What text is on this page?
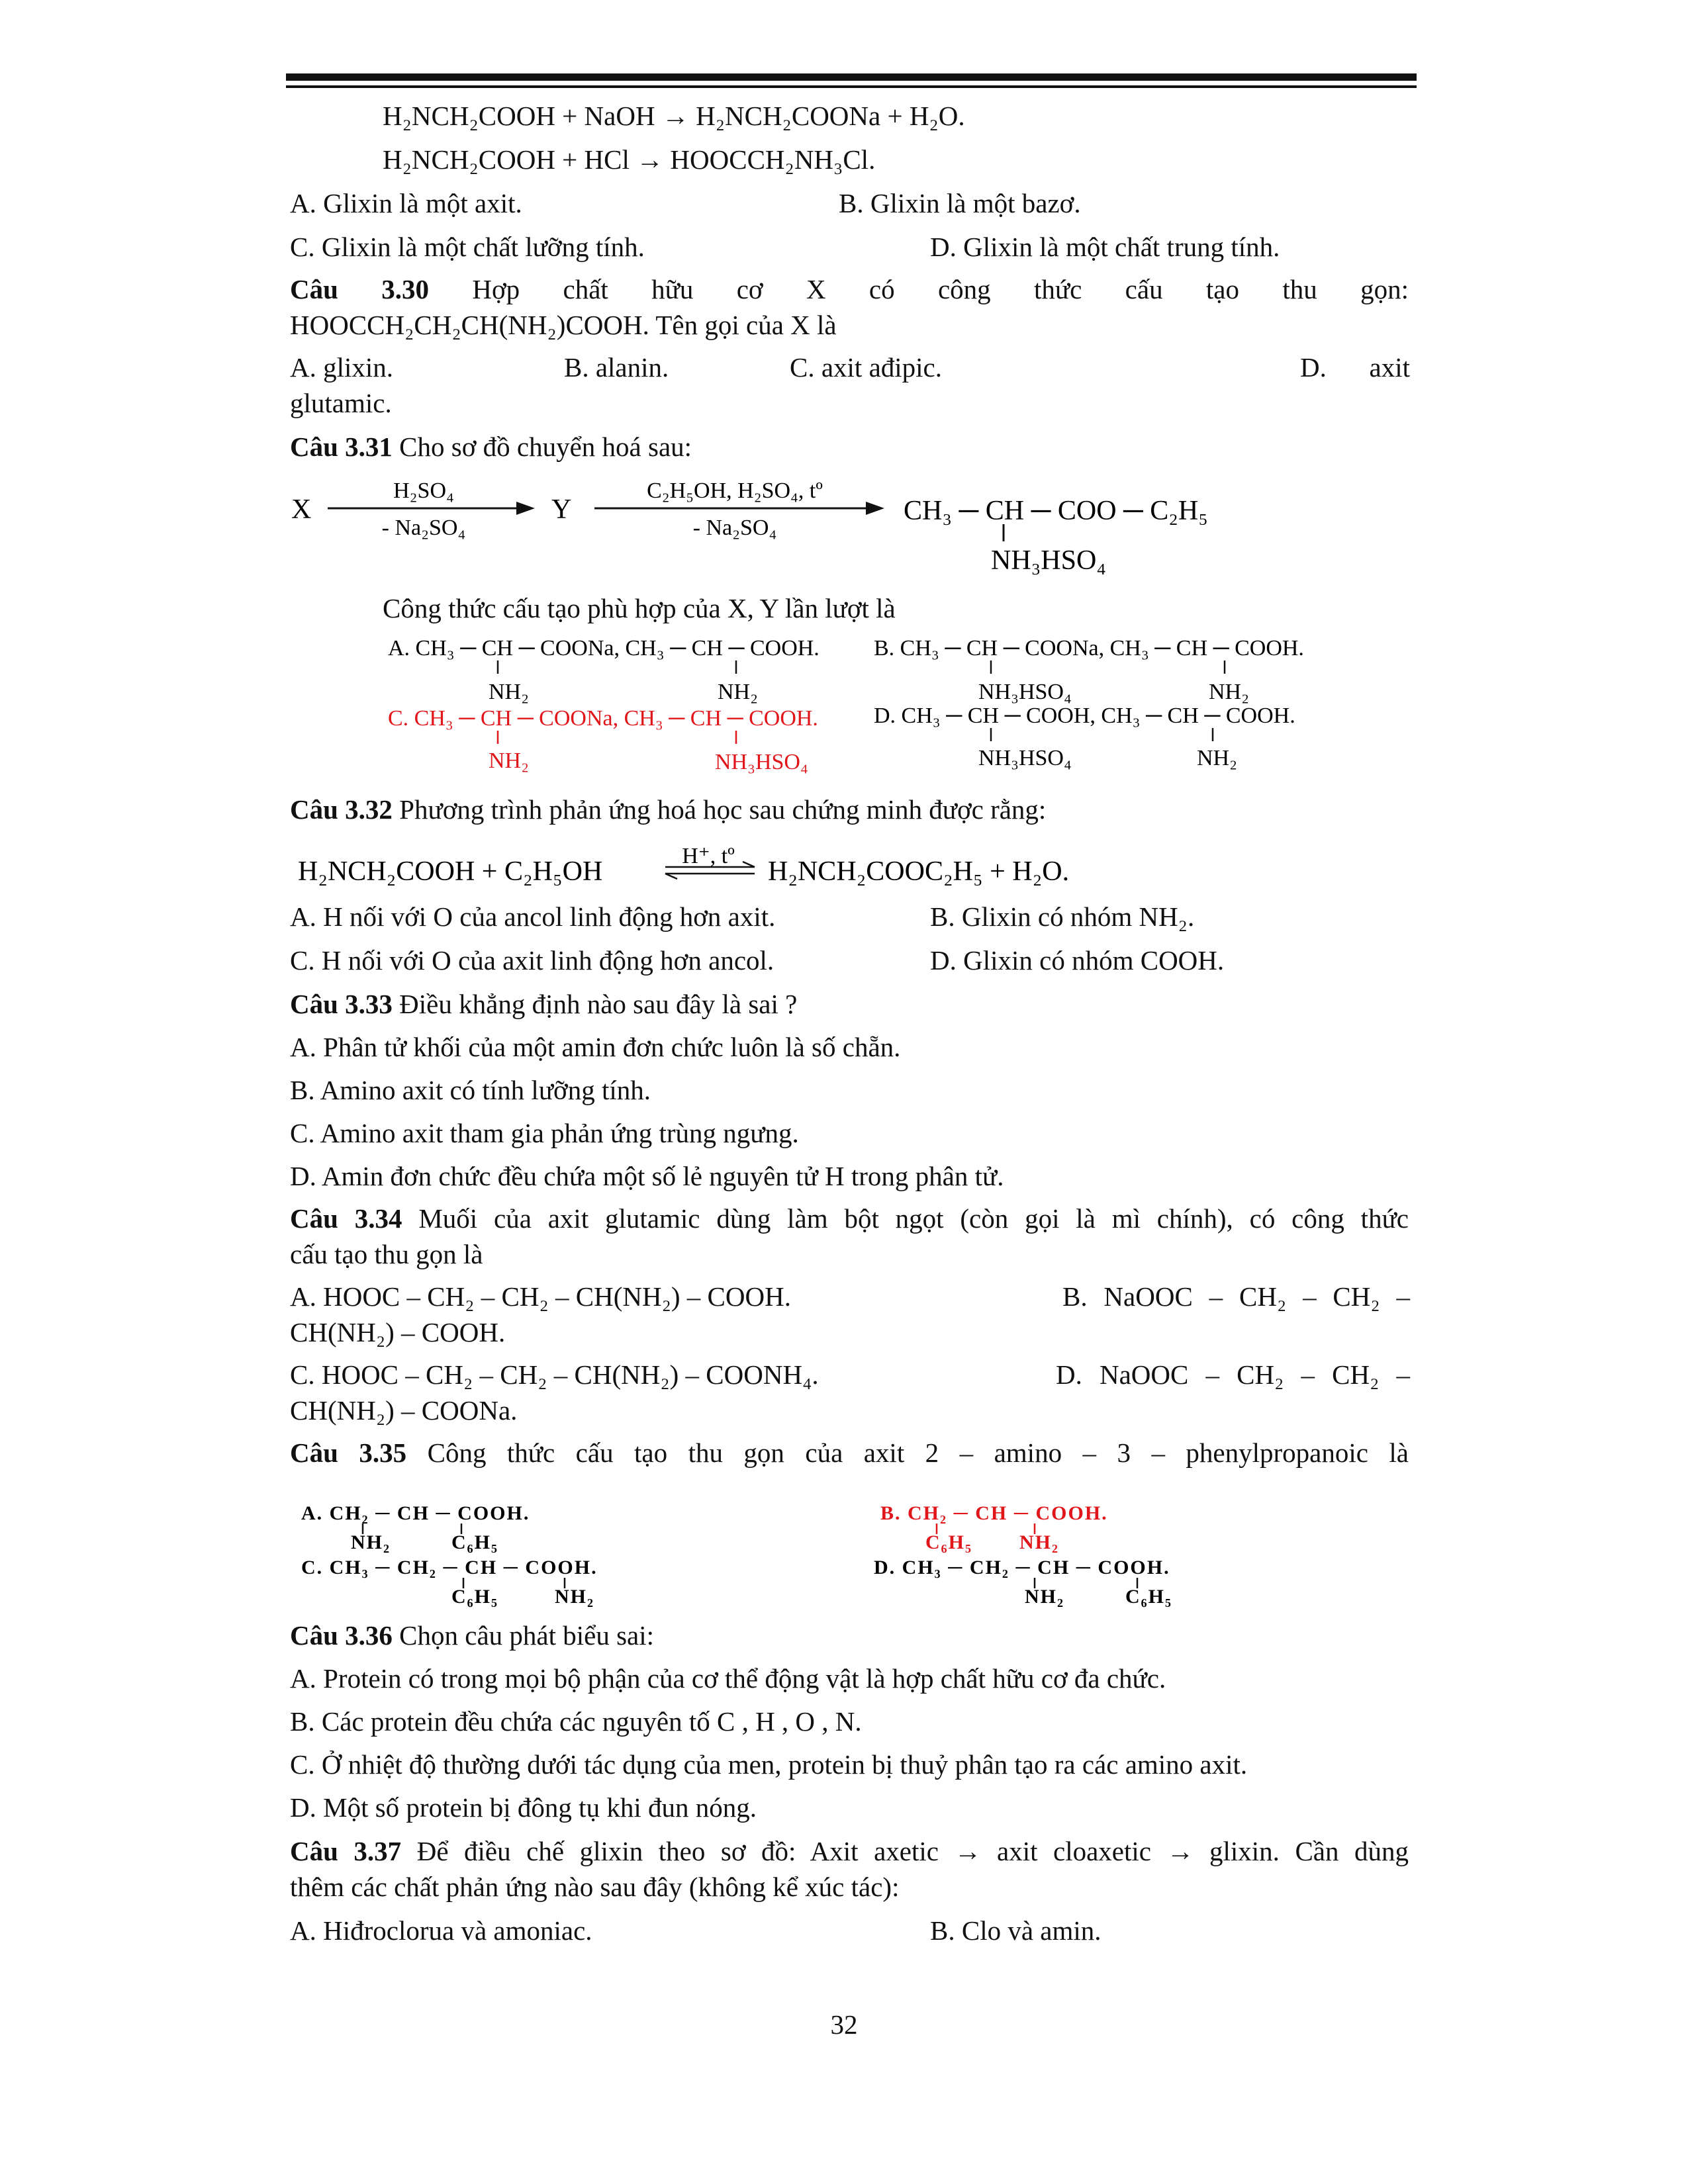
H₂NCH₂COOH + NaOH → H₂NCH₂COONa + H₂O.
H₂NCH₂COOH + HCl → HOOCCH₂NH₃Cl.
A. Glixin là một axit.	B. Glixin là một bazơ.
C. Glixin là một chất lưỡng tính.	D. Glixin là một chất trung tính.
Câu 3.30 Hợp chất hữu cơ X có công thức cấu tạo thu gọn:
HOOCCH₂CH₂CH(NH₂)COOH. Tên gọi của X là
A. glixin.	B. alanin.	C. axit ađipic.	D. axit
glutamic.
Câu 3.31 Cho sơ đồ chuyển hoá sau:
X
H₂SO₄
- Na₂SO₄
Y
C₂H₅OH, H₂SO₄, tº
- Na₂SO₄
CH₃ ─ CH ─ COO ─ C₂H₅
NH₃HSO₄
Công thức cấu tạo phù hợp của X, Y lần lượt là
A. CH₃ ─ CH ─ COONa, CH₃ ─ CH ─ COOH.
NH₂	NH₂
B. CH₃ ─ CH ─ COONa, CH₃ ─ CH ─ COOH.
NH₃HSO₄	NH₂
C. CH₃ ─ CH ─ COONa, CH₃ ─ CH ─ COOH.
NH₂	NH₃HSO₄
D. CH₃ ─ CH ─ COOH, CH₃ ─ CH ─ COOH.
NH₃HSO₄	NH₂
Câu 3.32 Phương trình phản ứng hoá học sau chứng minh được rằng:
H₂NCH₂COOH + C₂H₅OH
H⁺, tº
H₂NCH₂COOC₂H₅ + H₂O.
A. H nối với O của ancol linh động hơn axit.	B. Glixin có nhóm NH₂.
C. H nối với O của axit linh động hơn ancol.	D. Glixin có nhóm COOH.
Câu 3.33 Điều khẳng định nào sau đây là sai ?
A. Phân tử khối của một amin đơn chức luôn là số chẵn.
B. Amino axit có tính lưỡng tính.
C. Amino axit tham gia phản ứng trùng ngưng.
D. Amin đơn chức đều chứa một số lẻ nguyên tử H trong phân tử.
Câu 3.34 Muối của axit glutamic dùng làm bột ngọt (còn gọi là mì chính), có công thức
cấu tạo thu gọn là
A. HOOC – CH₂ – CH₂ – CH(NH₂) – COOH.	B. NaOOC – CH₂ – CH₂ –
CH(NH₂) – COOH.
C. HOOC – CH₂ – CH₂ – CH(NH₂) – COONH₄.	D. NaOOC – CH₂ – CH₂ –
CH(NH₂) – COONa.
Câu 3.35 Công thức cấu tạo thu gọn của axit 2 – amino – 3 – phenylpropanoic là
A. CH₂ ─ CH ─ COOH.
NH₂	C₆H₅
B. CH₂ ─ CH ─ COOH.
C₆H₅ NH₂
C. CH₃ ─ CH₂ ─ CH ─ COOH.
C₆H₅	NH₂
D. CH₃ ─ CH₂ ─ CH ─ COOH.
NH₂	C₆H₅
Câu 3.36 Chọn câu phát biểu sai:
A. Protein có trong mọi bộ phận của cơ thể động vật là hợp chất hữu cơ đa chức.
B. Các protein đều chứa các nguyên tố C , H , O , N.
C. Ở nhiệt độ thường dưới tác dụng của men, protein bị thuỷ phân tạo ra các amino axit.
D. Một số protein bị đông tụ khi đun nóng.
Câu 3.37 Để điều chế glixin theo sơ đồ: Axit axetic → axit cloaxetic → glixin. Cần dùng
thêm các chất phản ứng nào sau đây (không kể xúc tác):
A. Hiđroclorua và amoniac.	B. Clo và amin.
32
